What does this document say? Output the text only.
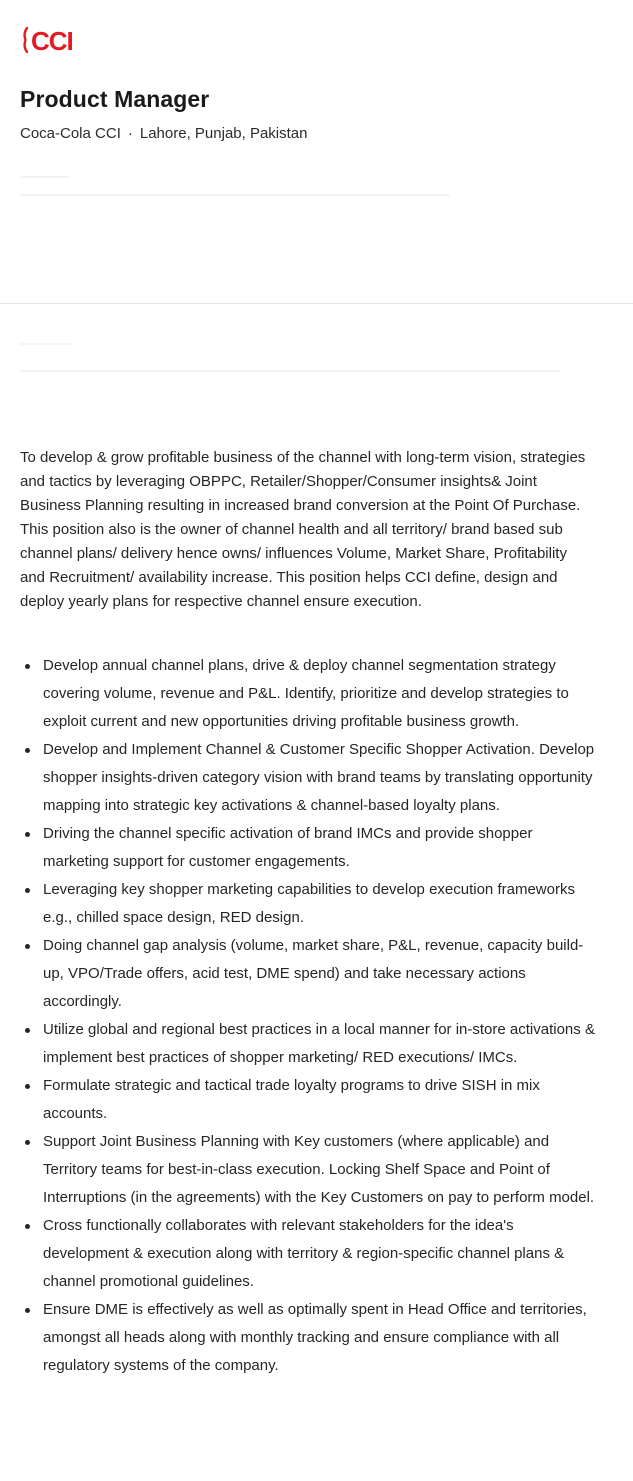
CCI
Product Manager
Coca-Cola CCI · Lahore, Punjab, Pakistan

To develop & grow profitable business of the channel with long-term vision, strategies and tactics by leveraging OBPPC, Retailer/Shopper/Consumer insights& Joint Business Planning resulting in increased brand conversion at the Point Of Purchase. This position also is the owner of channel health and all territory/ brand based sub channel plans/ delivery hence owns/ influences Volume, Market Share, Profitability and Recruitment/ availability increase. This position helps CCI define, design and deploy yearly plans for respective channel ensure execution.

Develop annual channel plans, drive & deploy channel segmentation strategy covering volume, revenue and P&L. Identify, prioritize and develop strategies to exploit current and new opportunities driving profitable business growth.
Develop and Implement Channel & Customer Specific Shopper Activation. Develop shopper insights-driven category vision with brand teams by translating opportunity mapping into strategic key activations & channel-based loyalty plans.
Driving the channel specific activation of brand IMCs and provide shopper marketing support for customer engagements.
Leveraging key shopper marketing capabilities to develop execution frameworks e.g., chilled space design, RED design.
Doing channel gap analysis (volume, market share, P&L, revenue, capacity build-up, VPO/Trade offers, acid test, DME spend) and take necessary actions accordingly.
Utilize global and regional best practices in a local manner for in-store activations & implement best practices of shopper marketing/ RED executions/ IMCs.
Formulate strategic and tactical trade loyalty programs to drive SISH in mix accounts.
Support Joint Business Planning with Key customers (where applicable) and Territory teams for best-in-class execution. Locking Shelf Space and Point of Interruptions (in the agreements) with the Key Customers on pay to perform model.
Cross functionally collaborates with relevant stakeholders for the idea's development & execution along with territory & region-specific channel plans & channel promotional guidelines.
Ensure DME is effectively as well as optimally spent in Head Office and territories, amongst all heads along with monthly tracking and ensure compliance with all regulatory systems of the company.
